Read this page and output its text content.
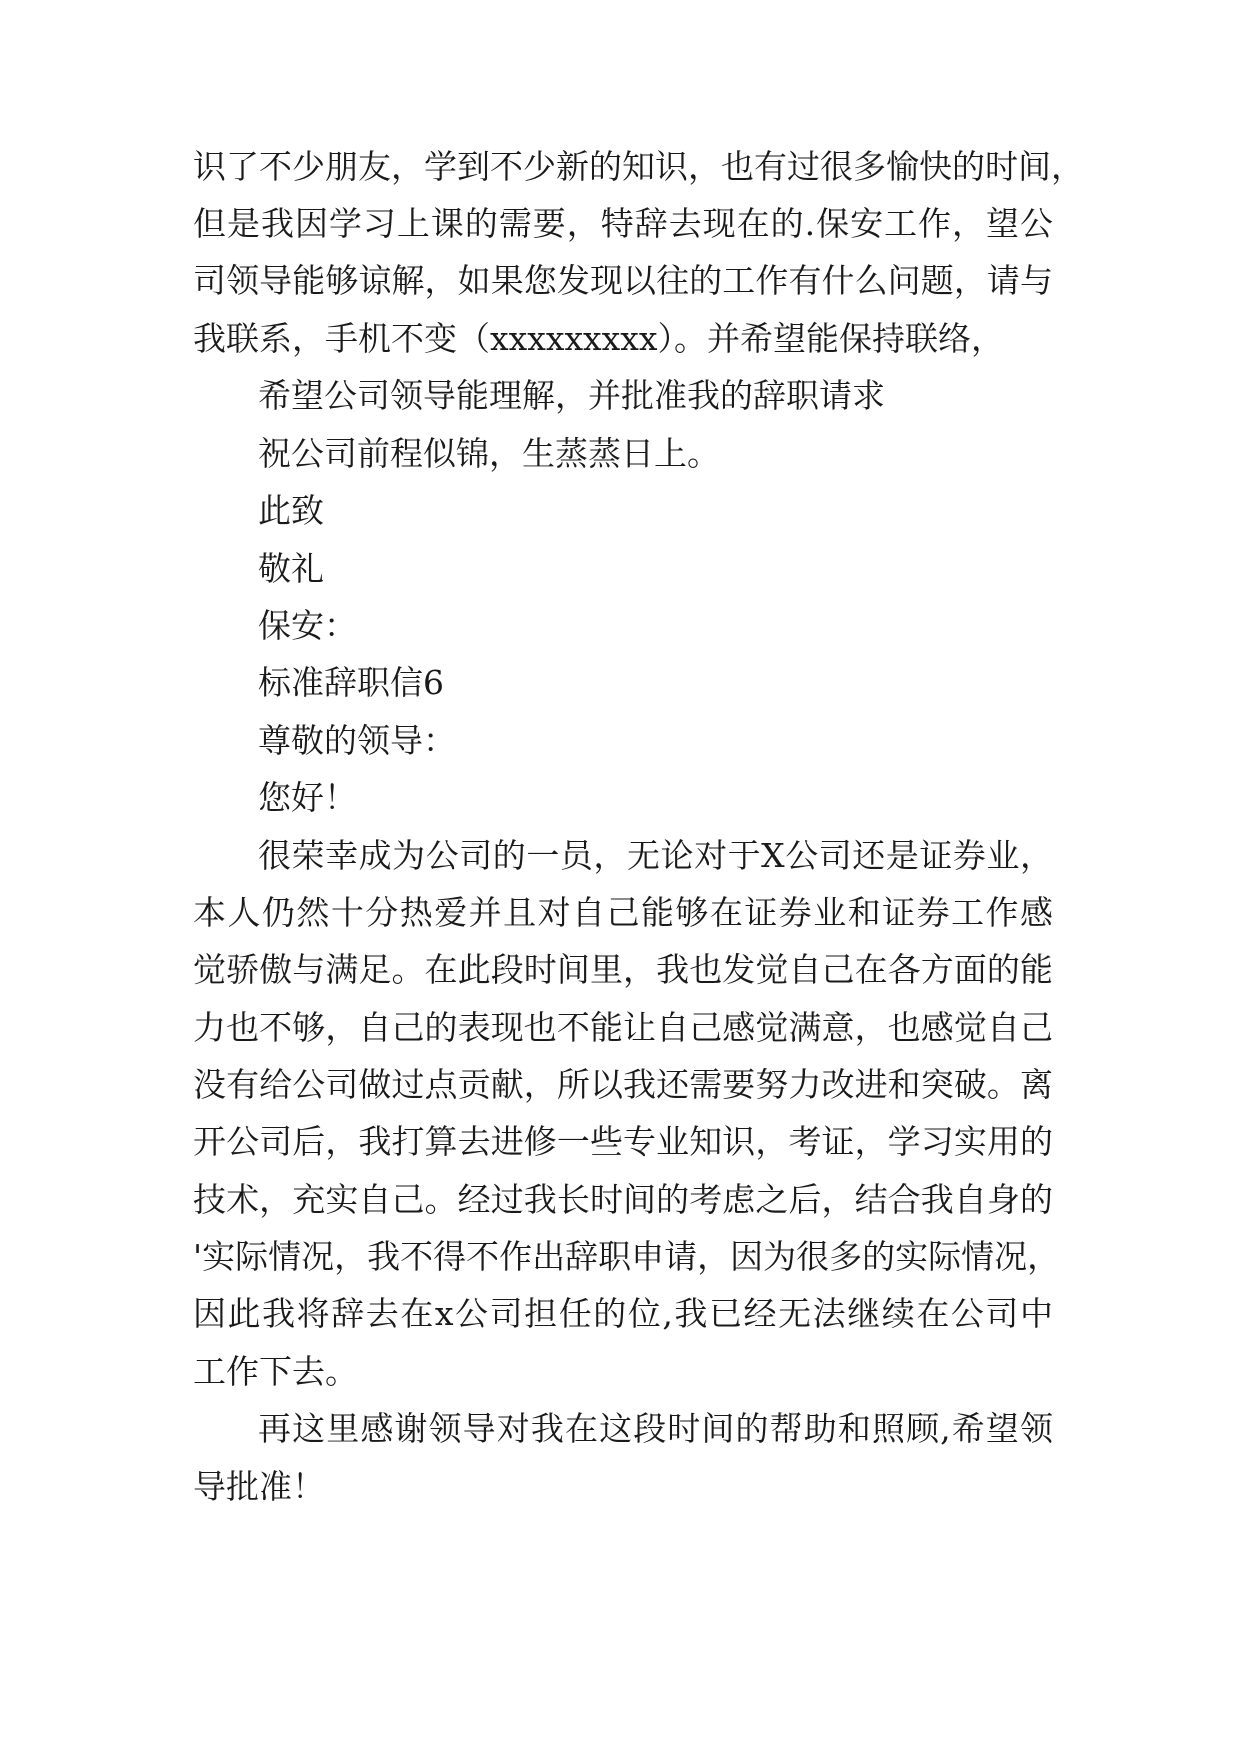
识了不少朋友，学到不少新的知识，也有过很多愉快的时间，
但是我因学习上课的需要，特辞去现在的.保安工作，望公
司领导能够谅解，如果您发现以往的工作有什么问题，请与
我联系，手机不变（xxxxxxxxx）。并希望能保持联络，
希望公司领导能理解，并批准我的辞职请求
祝公司前程似锦，生蒸蒸日上。
此致
敬礼
保安：
标准辞职信6
尊敬的领导：
您好！
很荣幸成为公司的一员，无论对于X公司还是证券业，
本人仍然十分热爱并且对自己能够在证券业和证券工作感
觉骄傲与满足。在此段时间里，我也发觉自己在各方面的能
力也不够，自己的表现也不能让自己感觉满意，也感觉自己
没有给公司做过点贡献，所以我还需要努力改进和突破。离
开公司后，我打算去进修一些专业知识，考证，学习实用的
技术，充实自己。经过我长时间的考虑之后，结合我自身的
'实际情况，我不得不作出辞职申请，因为很多的实际情况，
因此我将辞去在x公司担任的位,我已经无法继续在公司中
工作下去。
再这里感谢领导对我在这段时间的帮助和照顾,希望领
导批准！
